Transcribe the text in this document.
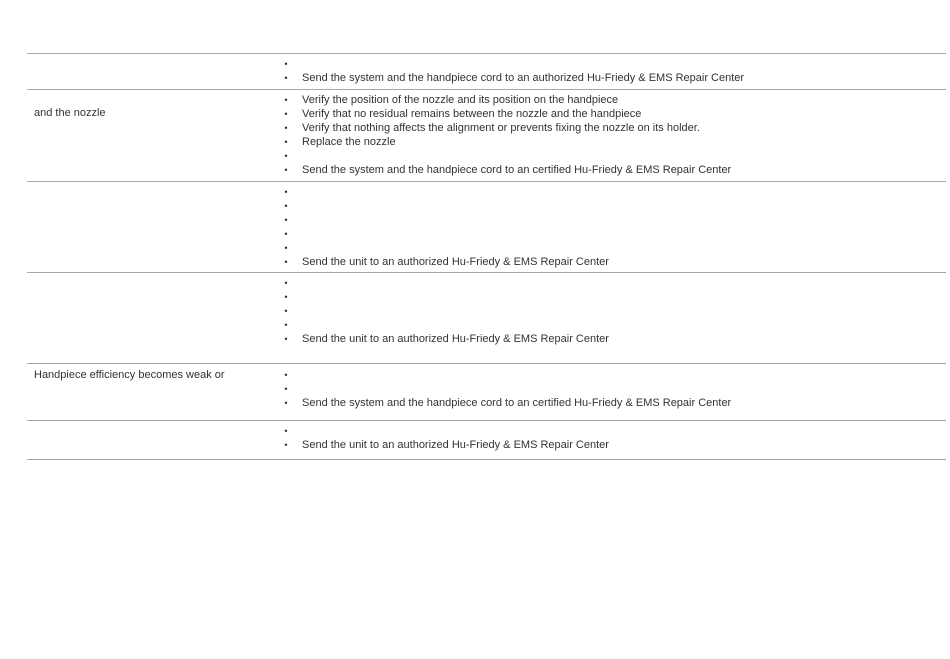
•
• Send the system and the handpiece cord to an authorized Hu-Friedy & EMS Repair Center
and the nozzle
• Verify the position of the nozzle and its position on the handpiece
• Verify that no residual remains between the nozzle and the handpiece
• Verify that nothing affects the alignment or prevents fixing the nozzle on its holder.
• Replace the nozzle
•
• Send the system and the handpiece cord to an certified Hu-Friedy & EMS Repair Center
•
•
•
•
•
• Send the unit to an authorized Hu-Friedy & EMS Repair Center
•
•
•
•
• Send the unit to an authorized Hu-Friedy & EMS Repair Center
Handpiece efficiency becomes weak or	•
•
• Send the system and the handpiece cord to an certified Hu-Friedy & EMS Repair Center
•
• Send the unit to an authorized Hu-Friedy & EMS Repair Center
